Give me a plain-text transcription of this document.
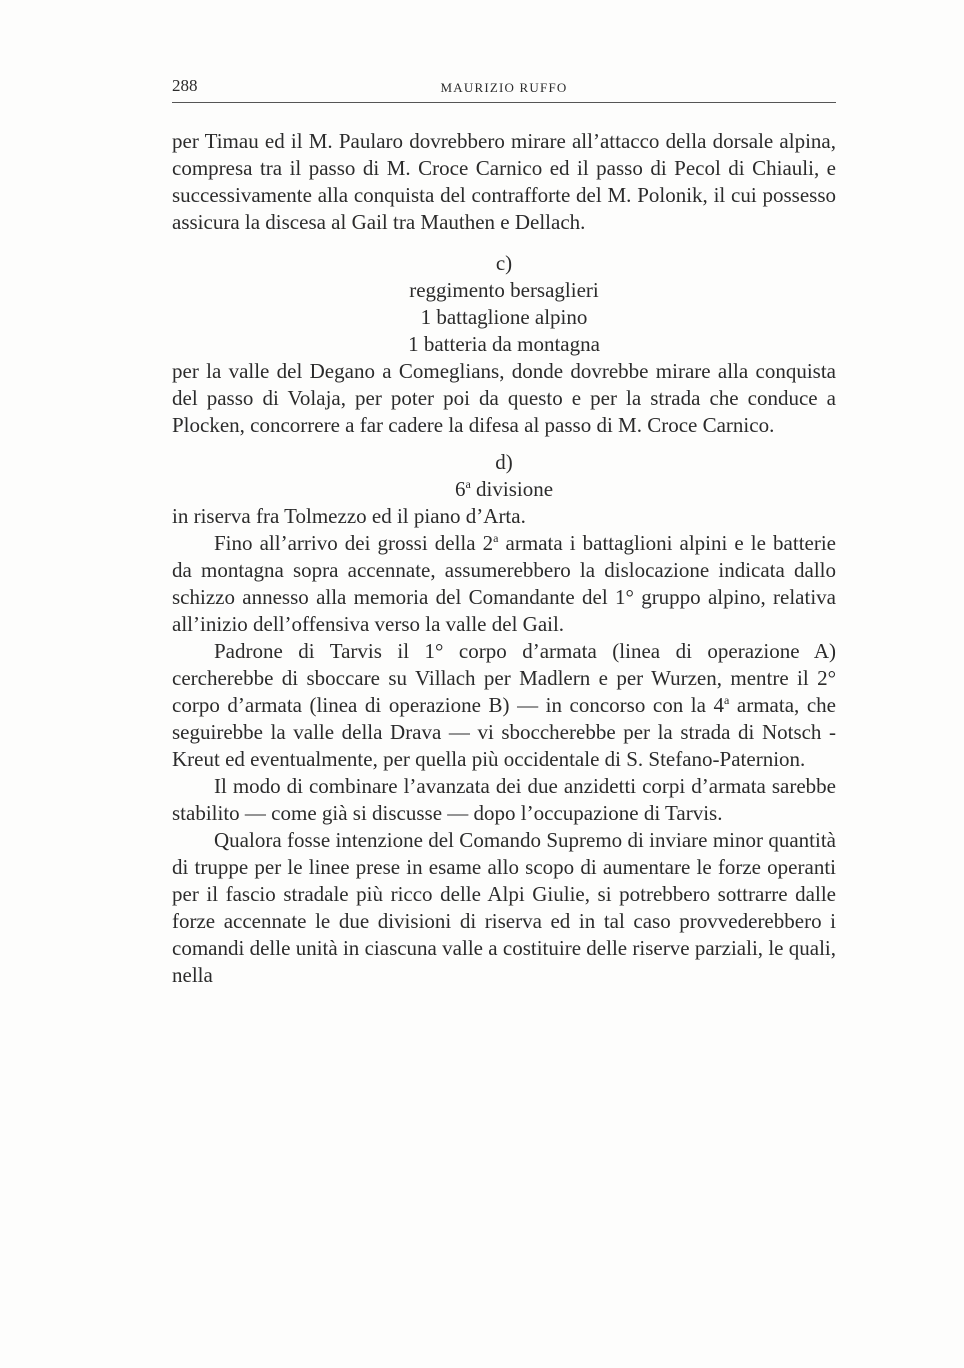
288	MAURIZIO RUFFO

per Timau ed il M. Paularo dovrebbero mirare all’attacco della dorsale alpina, compresa tra il passo di M. Croce Carnico ed il passo di Pecol di Chiauli, e successivamente alla conquista del contrafforte del M. Polonik, il cui possesso assicura la discesa al Gail tra Mauthen e Dellach.

c)

reggimento bersaglieri

1 battaglione alpino

1 batteria da montagna

per la valle del Degano a Comeglians, donde dovrebbe mirare alla conquista del passo di Volaja, per poter poi da questo e per la strada che conduce a Plocken, concorrere a far cadere la difesa al passo di M. Croce Carnico.

d)

6$^a$ divisione

in riserva fra Tolmezzo ed il piano d’Arta.

Fino all’arrivo dei grossi della 2$^a$ armata i battaglioni alpini e le batterie da montagna sopra accennate, assumerebbero la dislocazione indicata dallo schizzo annesso alla memoria del Comandante del 1° gruppo alpino, relativa all’inizio dell’offensiva verso la valle del Gail.

Padrone di Tarvis il 1° corpo d’armata (linea di operazione A) cercherebbe di sboccare su Villach per Madlern e per Wurzen, mentre il 2° corpo d’armata (linea di operazione B) — in concorso con la 4$^a$ armata, che seguirebbe la valle della Drava — vi sboccherebbe per la strada di Notsch - Kreut ed eventualmente, per quella più occidentale di S. Stefano-Paternion.

Il modo di combinare l’avanzata dei due anzidetti corpi d’armata sarebbe stabilito — come già si discusse — dopo l’occupazione di Tarvis.

Qualora fosse intenzione del Comando Supremo di inviare minor quantità di truppe per le linee prese in esame allo scopo di aumentare le forze operanti per il fascio stradale più ricco delle Alpi Giulie, si potrebbero sottrarre dalle forze accennate le due divisioni di riserva ed in tal caso provvederebbero i comandi delle unità in ciascuna valle a costituire delle riserve parziali, le quali, nella
